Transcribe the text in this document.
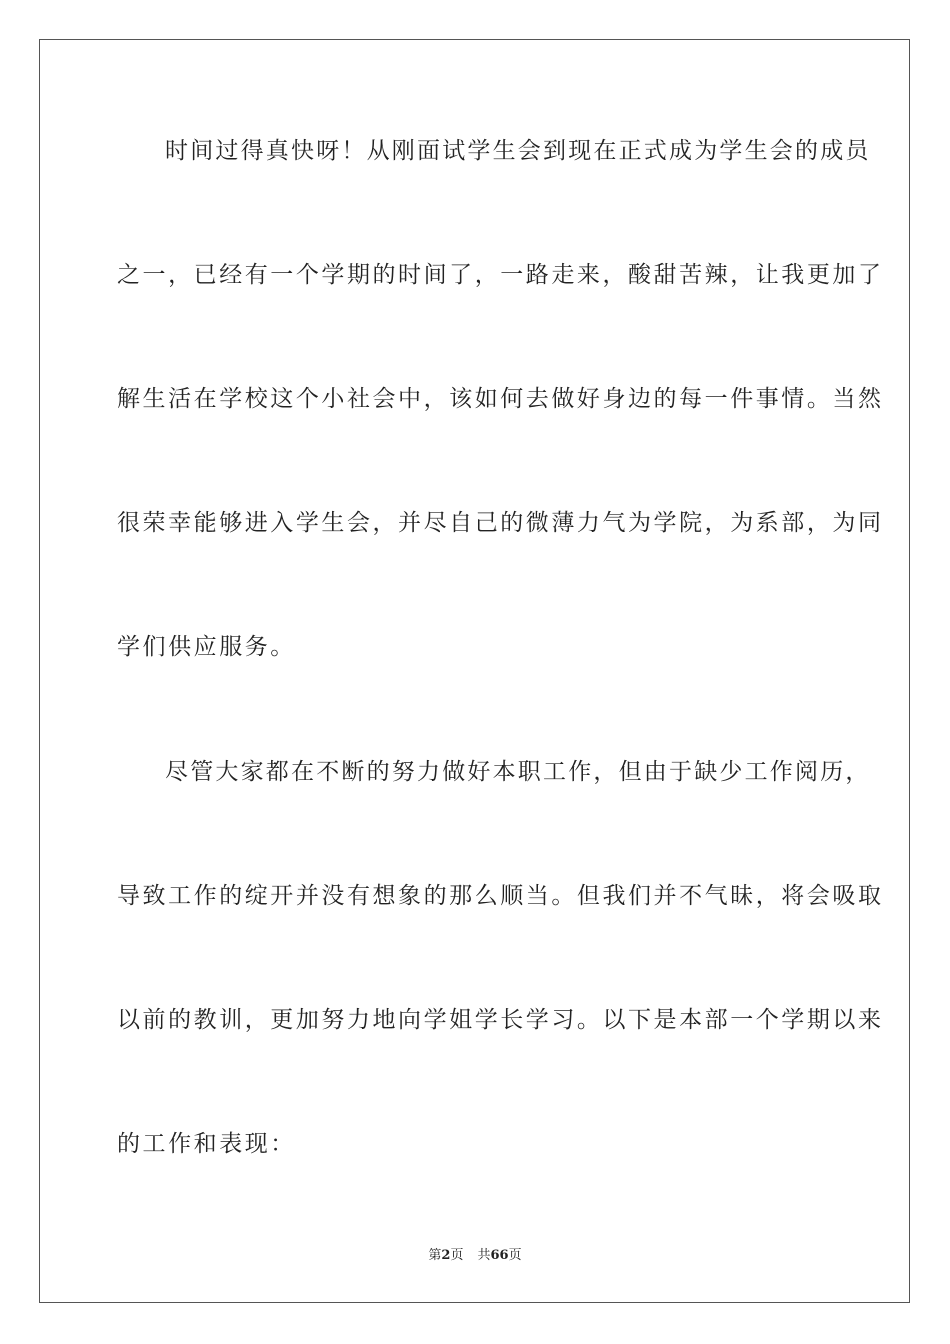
时间过得真快呀！从刚面试学生会到现在正式成为学生会的成员
之一，已经有一个学期的时间了，一路走来，酸甜苦辣，让我更加了
解生活在学校这个小社会中，该如何去做好身边的每一件事情。当然
很荣幸能够进入学生会，并尽自己的微薄力气为学院，为系部，为同
学们供应服务。
尽管大家都在不断的努力做好本职工作，但由于缺少工作阅历，
导致工作的绽开并没有想象的那么顺当。但我们并不气昧，将会吸取
以前的教训，更加努力地向学姐学长学习。以下是本部一个学期以来
的工作和表现：
第2页 共66页
